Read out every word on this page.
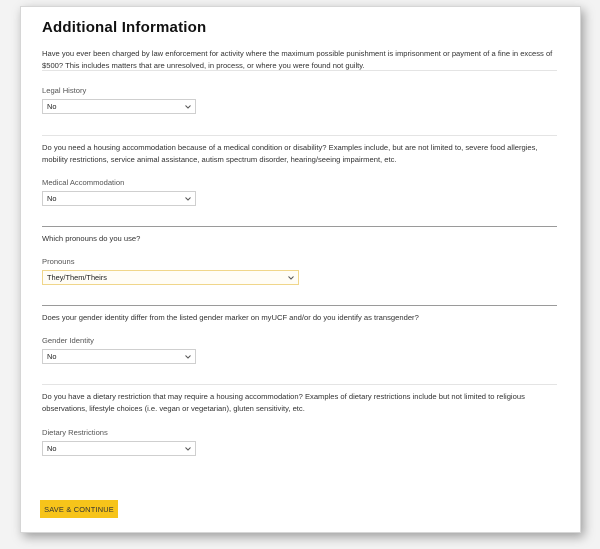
Additional Information

Have you ever been charged by law enforcement for activity where the maximum possible punishment is imprisonment or payment of a fine in excess of $500? This includes matters that are unresolved, in process, or where you were found not guilty.

Legal History

No

Do you need a housing accommodation because of a medical condition or disability? Examples include, but are not limited to, severe food allergies, mobility restrictions, service animal assistance, autism spectrum disorder, hearing/seeing impairment, etc.

Medical Accommodation

No

Which pronouns do you use?

Pronouns

They/Them/Theirs

Does your gender identity differ from the listed gender marker on myUCF and/or do you identify as transgender?

Gender Identity

No

Do you have a dietary restriction that may require a housing accommodation? Examples of dietary restrictions include but not limited to religious observations, lifestyle choices (i.e. vegan or vegetarian), gluten sensitivity, etc.

Dietary Restrictions

No
SAVE & CONTINUE
